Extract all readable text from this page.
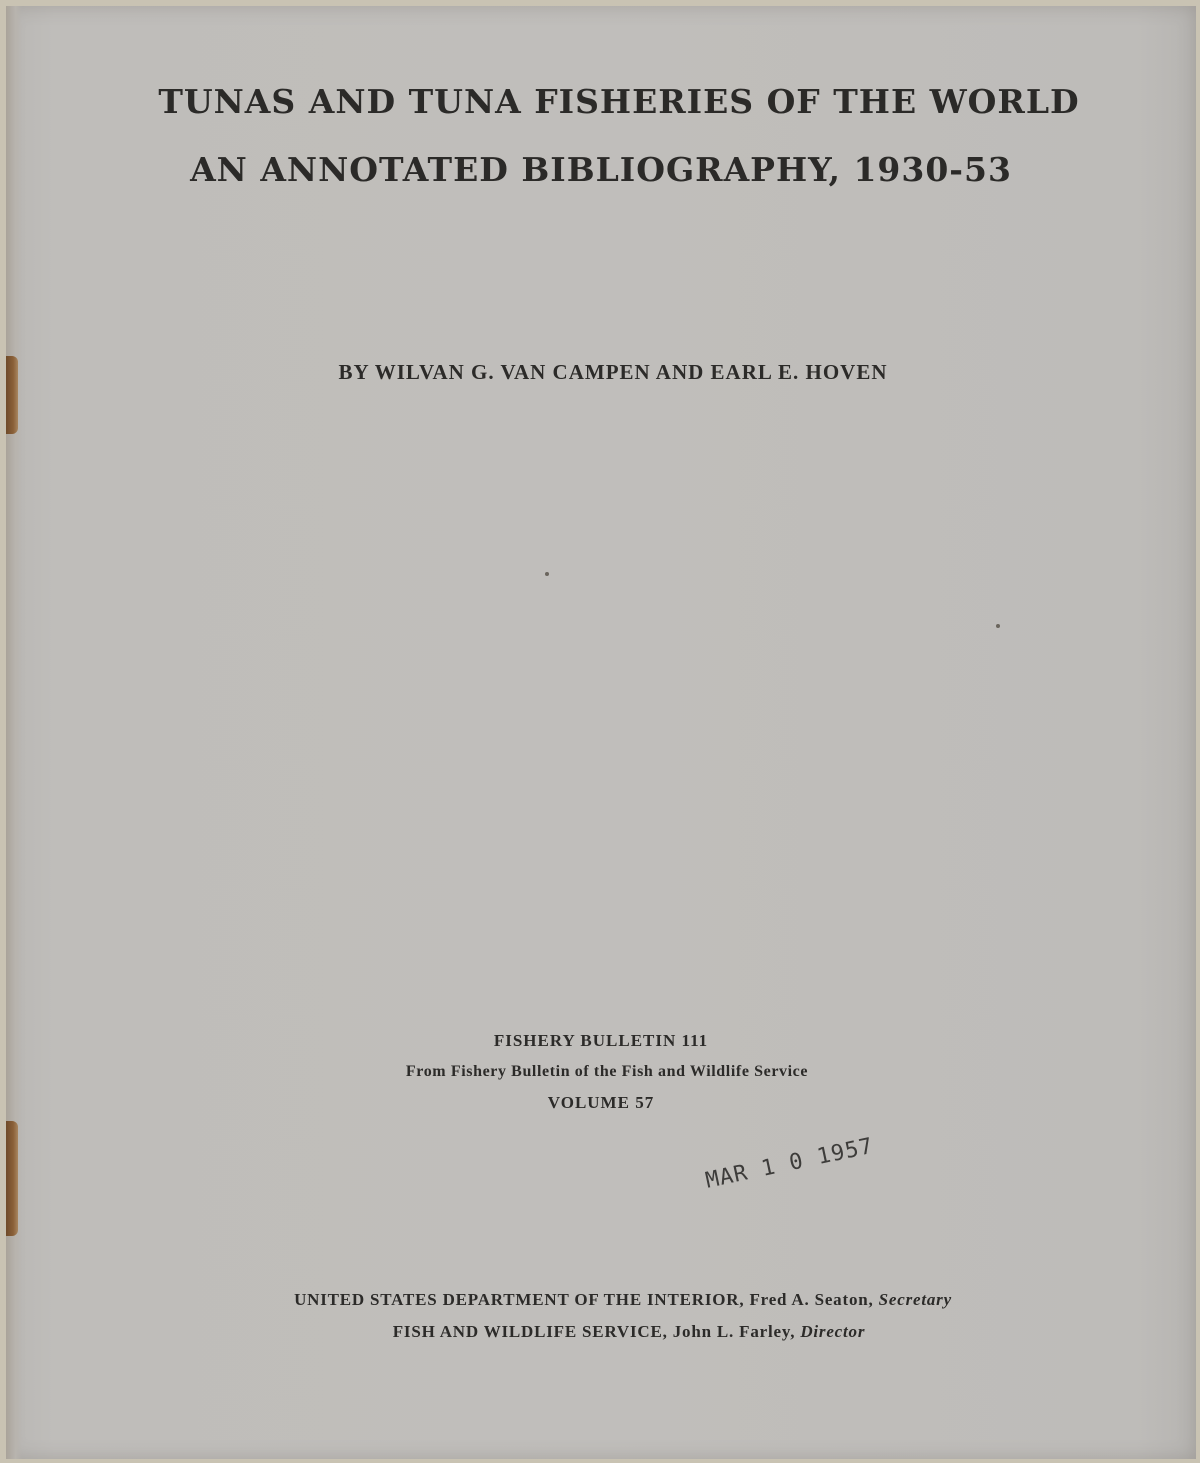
TUNAS AND TUNA FISHERIES OF THE WORLD
AN ANNOTATED BIBLIOGRAPHY, 1930-53
BY WILVAN G. VAN CAMPEN AND EARL E. HOVEN
FISHERY BULLETIN 111
From Fishery Bulletin of the Fish and Wildlife Service
VOLUME 57
MAR 1 0 1957
UNITED STATES DEPARTMENT OF THE INTERIOR, Fred A. Seaton, Secretary
FISH AND WILDLIFE SERVICE, John L. Farley, Director
